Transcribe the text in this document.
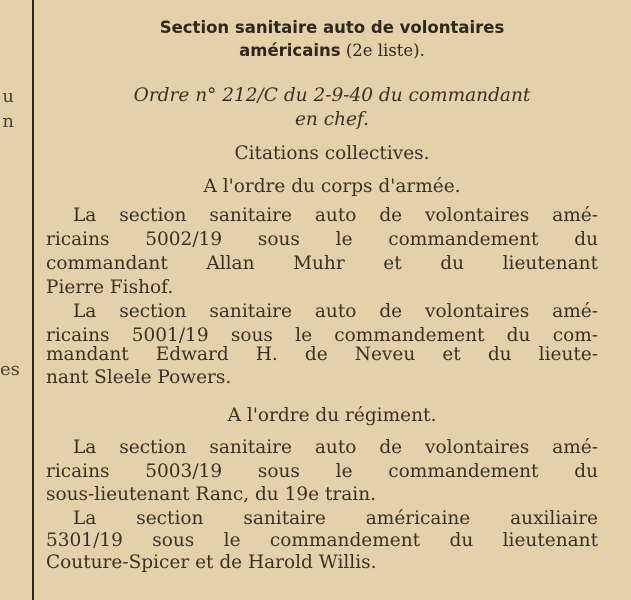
u
n
es
Section sanitaire auto de volontaires
américains (2e liste).
Ordre n° 212/C du 2-9-40 du commandant
en chef.
Citations collectives.
A l'ordre du corps d'armée.
La section sanitaire auto de volontaires amé-
ricains 5002/19 sous le commandement du
commandant Allan Muhr et du lieutenant
Pierre Fishof.
La section sanitaire auto de volontaires amé-
ricains 5001/19 sous le commandement du com-
mandant Edward H. de Neveu et du lieute-
nant Sleele Powers.
A l'ordre du régiment.
La section sanitaire auto de volontaires amé-
ricains 5003/19 sous le commandement du
sous-lieutenant Ranc, du 19e train.
La section sanitaire américaine auxiliaire
5301/19 sous le commandement du lieutenant
Couture-Spicer et de Harold Willis.
